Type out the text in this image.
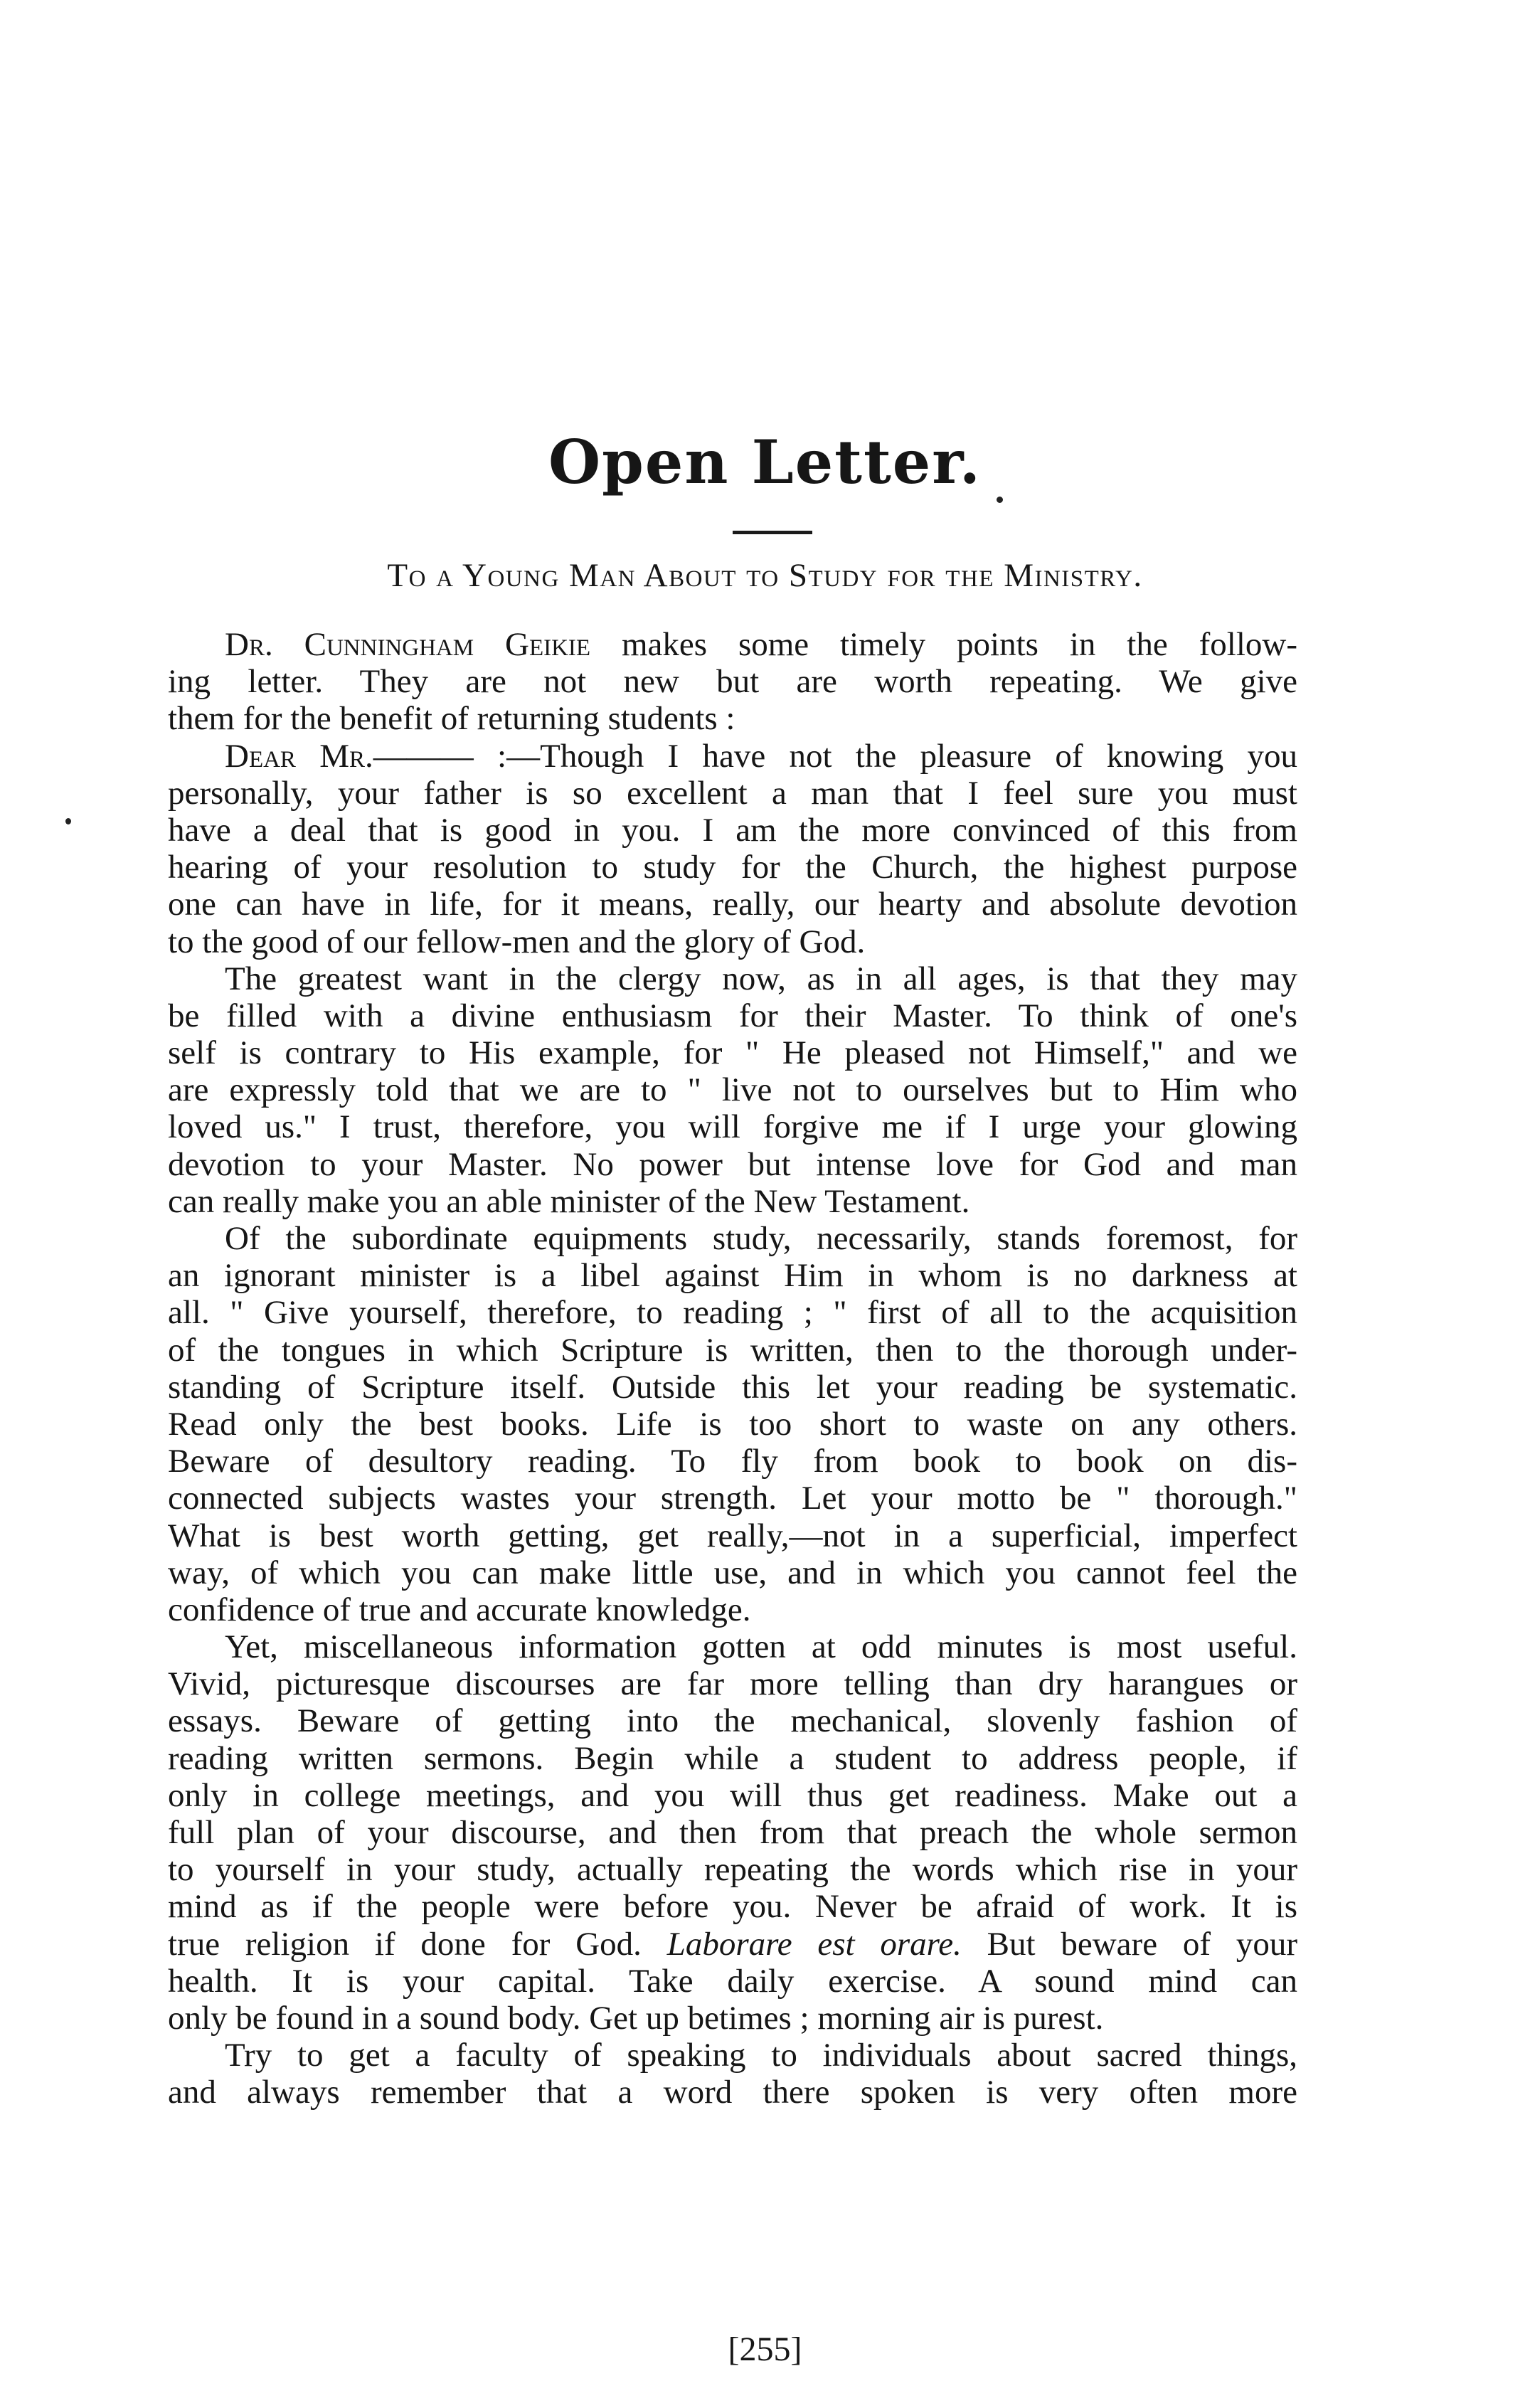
Open Letter.
To a Young Man About to Study for the Ministry.
Dr. Cunningham Geikie makes some timely points in the follow-
ing letter. They are not new but are worth repeating. We give
them for the benefit of returning students :
Dear Mr.——— :—Though I have not the pleasure of knowing you
personally, your father is so excellent a man that I feel sure you must
have a deal that is good in you. I am the more convinced of this from
hearing of your resolution to study for the Church, the highest purpose
one can have in life, for it means, really, our hearty and absolute devotion
to the good of our fellow-men and the glory of God.
The greatest want in the clergy now, as in all ages, is that they may
be filled with a divine enthusiasm for their Master. To think of one's
self is contrary to His example, for " He pleased not Himself," and we
are expressly told that we are to " live not to ourselves but to Him who
loved us." I trust, therefore, you will forgive me if I urge your glowing
devotion to your Master. No power but intense love for God and man
can really make you an able minister of the New Testament.
Of the subordinate equipments study, necessarily, stands foremost, for
an ignorant minister is a libel against Him in whom is no darkness at
all. " Give yourself, therefore, to reading ; " first of all to the acquisition
of the tongues in which Scripture is written, then to the thorough under-
standing of Scripture itself. Outside this let your reading be systematic.
Read only the best books. Life is too short to waste on any others.
Beware of desultory reading. To fly from book to book on dis-
connected subjects wastes your strength. Let your motto be " thorough."
What is best worth getting, get really,—not in a superficial, imperfect
way, of which you can make little use, and in which you cannot feel the
confidence of true and accurate knowledge.
Yet, miscellaneous information gotten at odd minutes is most useful.
Vivid, picturesque discourses are far more telling than dry harangues or
essays. Beware of getting into the mechanical, slovenly fashion of
reading written sermons. Begin while a student to address people, if
only in college meetings, and you will thus get readiness. Make out a
full plan of your discourse, and then from that preach the whole sermon
to yourself in your study, actually repeating the words which rise in your
mind as if the people were before you. Never be afraid of work. It is
true religion if done for God. Laborare est orare. But beware of your
health. It is your capital. Take daily exercise. A sound mind can
only be found in a sound body. Get up betimes ; morning air is purest.
Try to get a faculty of speaking to individuals about sacred things,
and always remember that a word there spoken is very often more
[255]
